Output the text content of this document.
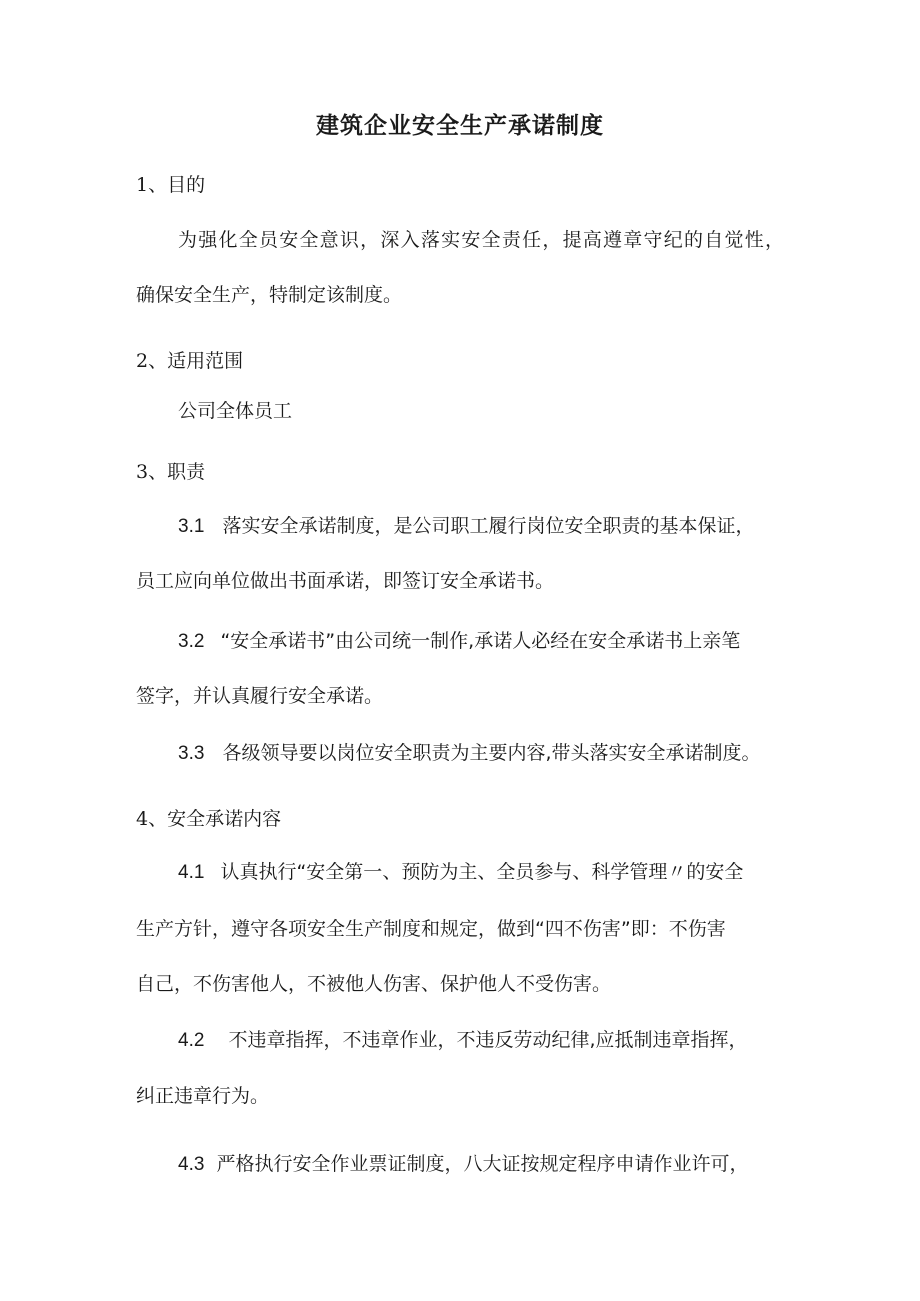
建筑企业安全生产承诺制度
1、目的
为强化全员安全意识，深入落实安全责任，提高遵章守纪的自觉性，
确保安全生产，特制定该制度。
2、适用范围
公司全体员工
3、职责
3.1 落实安全承诺制度，是公司职工履行岗位安全职责的基本保证，
员工应向单位做出书面承诺，即签订安全承诺书。
3.2 “安全承诺书”由公司统一制作,承诺人必经在安全承诺书上亲笔
签字，并认真履行安全承诺。
3.3 各级领导要以岗位安全职责为主要内容,带头落实安全承诺制度。
4、安全承诺内容
4.1 认真执行“安全第一、预防为主、全员参与、科学管理〃的安全
生产方针，遵守各项安全生产制度和规定，做到“四不伤害”即：不伤害
自己，不伤害他人，不被他人伤害、保护他人不受伤害。
4.2 不违章指挥，不违章作业，不违反劳动纪律,应抵制违章指挥，
纠正违章行为。
4.3 严格执行安全作业票证制度，八大证按规定程序申请作业许可，
